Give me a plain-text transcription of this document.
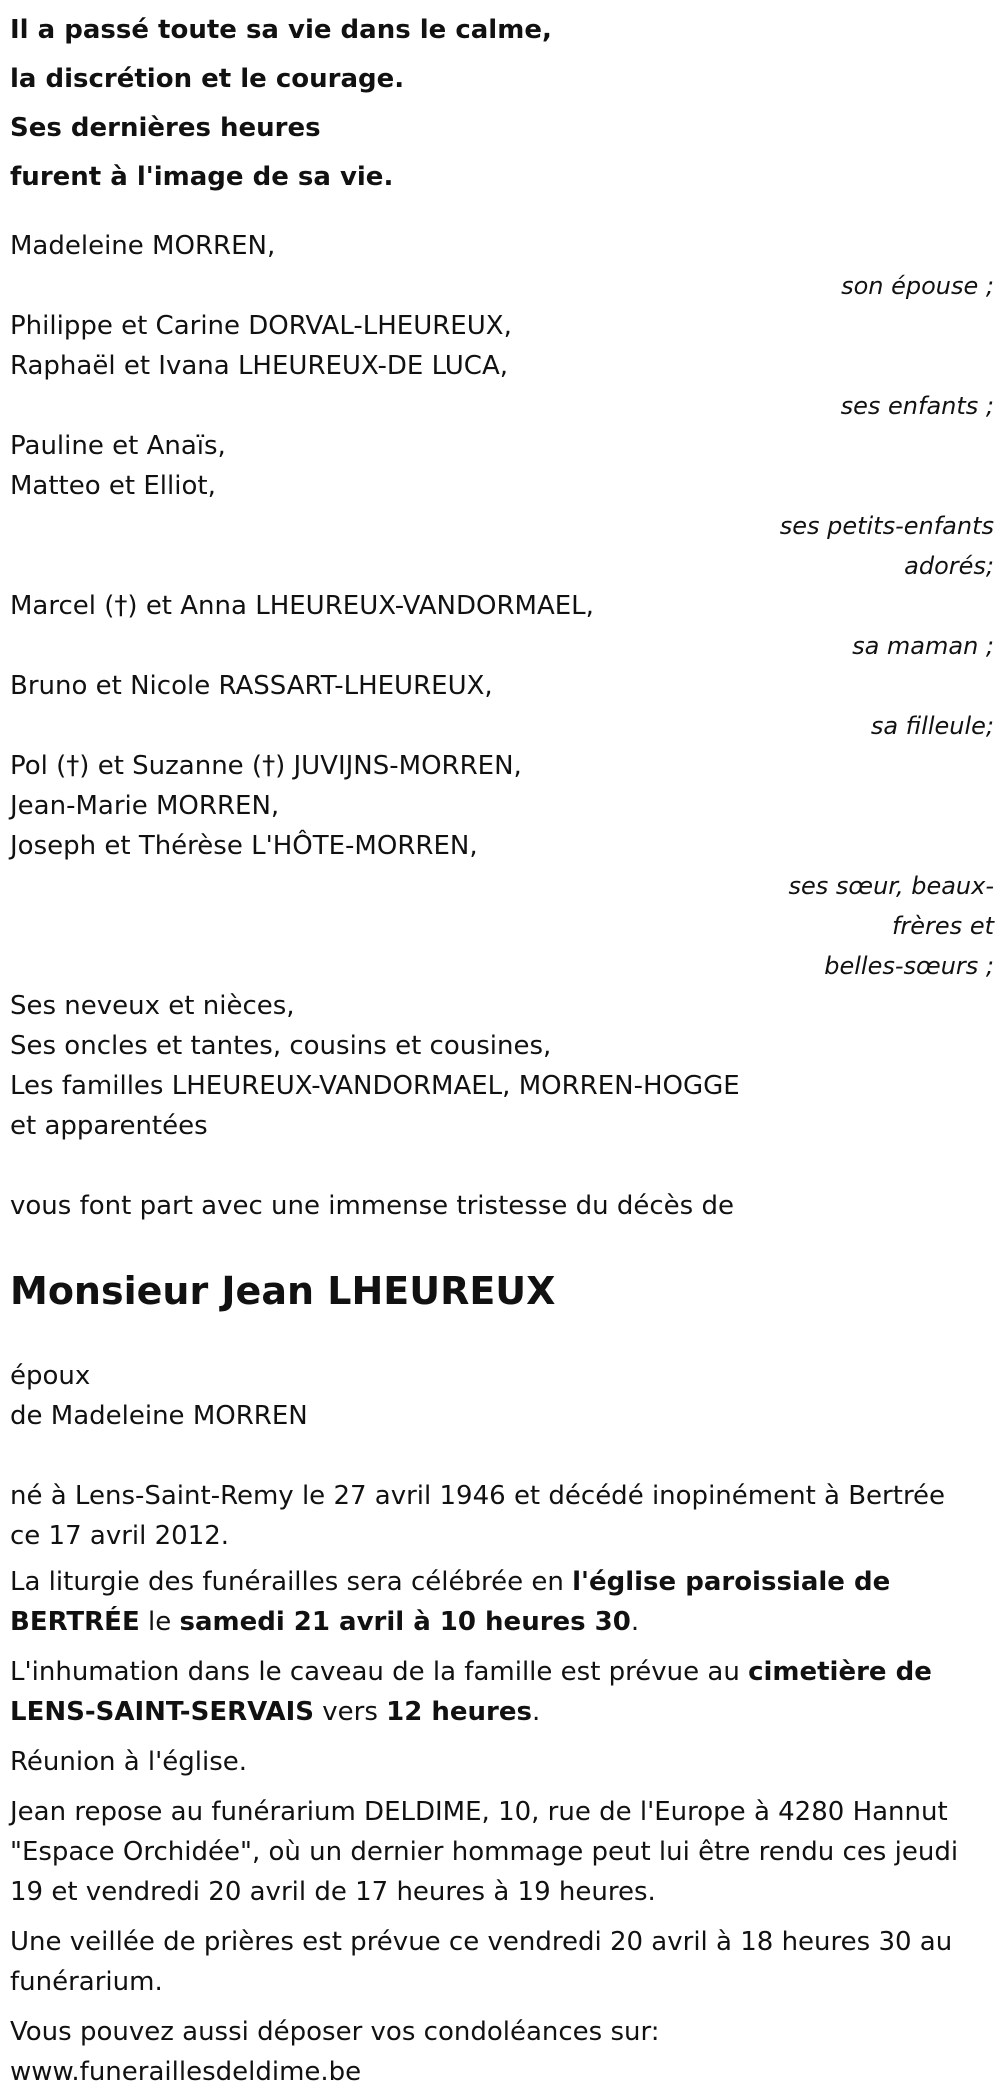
Il a passé toute sa vie dans le calme,
la discrétion et le courage.
Ses dernières heures
furent à l'image de sa vie.
Madeleine MORREN,
son épouse ;
Philippe et Carine DORVAL-LHEUREUX,
Raphaël et Ivana LHEUREUX-DE LUCA,
ses enfants ;
Pauline et Anaïs,
Matteo et Elliot,
ses petits-enfants
adorés;
Marcel (†) et Anna LHEUREUX-VANDORMAEL,
sa maman ;
Bruno et Nicole RASSART-LHEUREUX,
sa filleule;
Pol (†) et Suzanne (†) JUVIJNS-MORREN,
Jean-Marie MORREN,
Joseph et Thérèse L'HÔTE-MORREN,
ses sœur, beaux-
frères et
belles-sœurs ;
Ses neveux et nièces,
Ses oncles et tantes, cousins et cousines,
Les familles LHEUREUX-VANDORMAEL, MORREN-HOGGE
et apparentées
vous font part avec une immense tristesse du décès de
Monsieur Jean LHEUREUX
époux
de Madeleine MORREN
né à Lens-Saint-Remy le 27 avril 1946 et décédé inopinément à Bertrée
ce 17 avril 2012.
La liturgie des funérailles sera célébrée en l'église paroissiale de
BERTRÉE le samedi 21 avril à 10 heures 30.
L'inhumation dans le caveau de la famille est prévue au cimetière de
LENS-SAINT-SERVAIS vers 12 heures.
Réunion à l'église.
Jean repose au funérarium DELDIME, 10, rue de l'Europe à 4280 Hannut
"Espace Orchidée", où un dernier hommage peut lui être rendu ces jeudi
19 et vendredi 20 avril de 17 heures à 19 heures.
Une veillée de prières est prévue ce vendredi 20 avril à 18 heures 30 au
funérarium.
Vous pouvez aussi déposer vos condoléances sur:
www.funeraillesdeldime.be
